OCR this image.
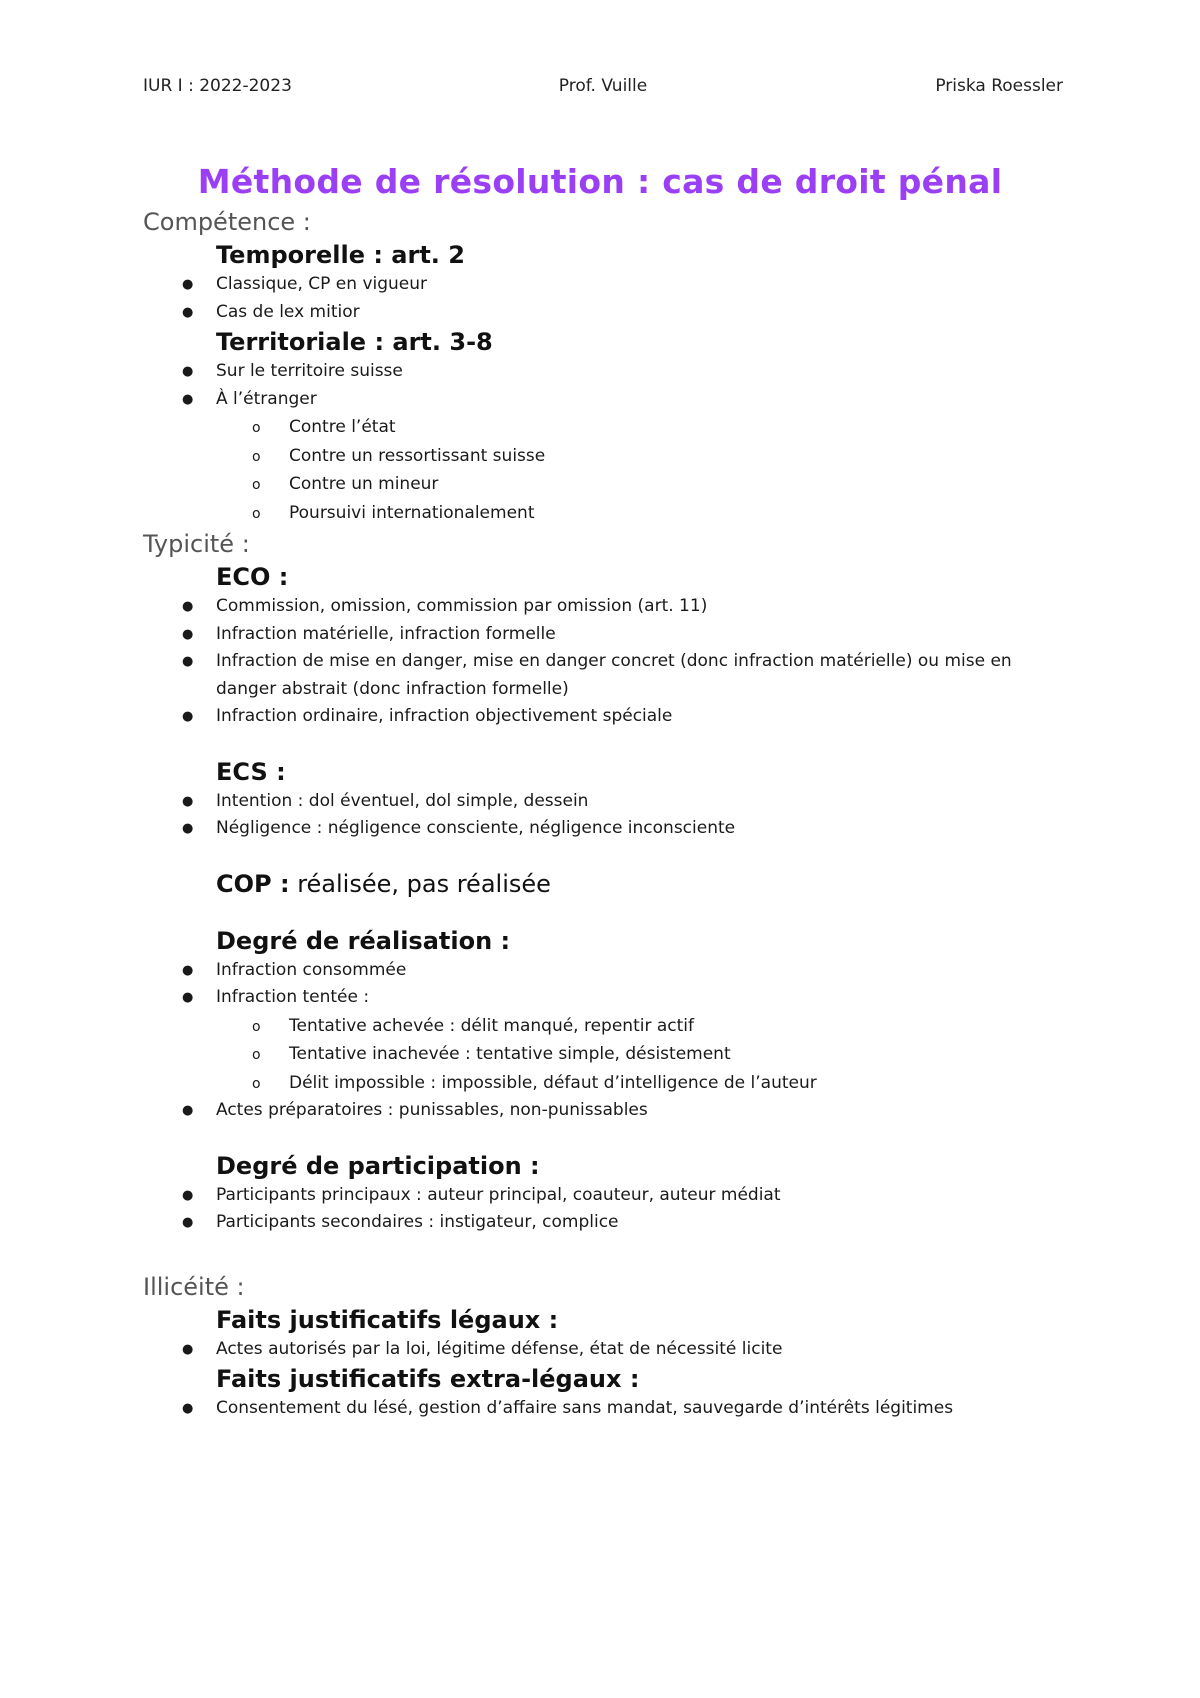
IUR I : 2022-2023	Prof. Vuille	Priska Roessler
Méthode de résolution : cas de droit pénal

Compétence :

Temporelle : art. 2

● Classique, CP en vigueur
● Cas de lex mitior

Territoriale : art. 3-8

● Sur le territoire suisse
● À l’étranger
o Contre l’état
o Contre un ressortissant suisse
o Contre un mineur
o Poursuivi internationalement

Typicité :

ECO :

● Commission, omission, commission par omission (art. 11)
● Infraction matérielle, infraction formelle
● Infraction de mise en danger, mise en danger concret (donc infraction matérielle) ou mise en danger abstrait (donc infraction formelle)
● Infraction ordinaire, infraction objectivement spéciale

ECS :

● Intention : dol éventuel, dol simple, dessein
● Négligence : négligence consciente, négligence inconsciente

COP : réalisée, pas réalisée

Degré de réalisation :

● Infraction consommée
● Infraction tentée :
o Tentative achevée : délit manqué, repentir actif
o Tentative inachevée : tentative simple, désistement
o Délit impossible : impossible, défaut d’intelligence de l’auteur
● Actes préparatoires : punissables, non-punissables

Degré de participation :

● Participants principaux : auteur principal, coauteur, auteur médiat
● Participants secondaires : instigateur, complice

Illicéité :

Faits justificatifs légaux :

● Actes autorisés par la loi, légitime défense, état de nécessité licite

Faits justificatifs extra-légaux :

● Consentement du lésé, gestion d’affaire sans mandat, sauvegarde d’intérêts légitimes
